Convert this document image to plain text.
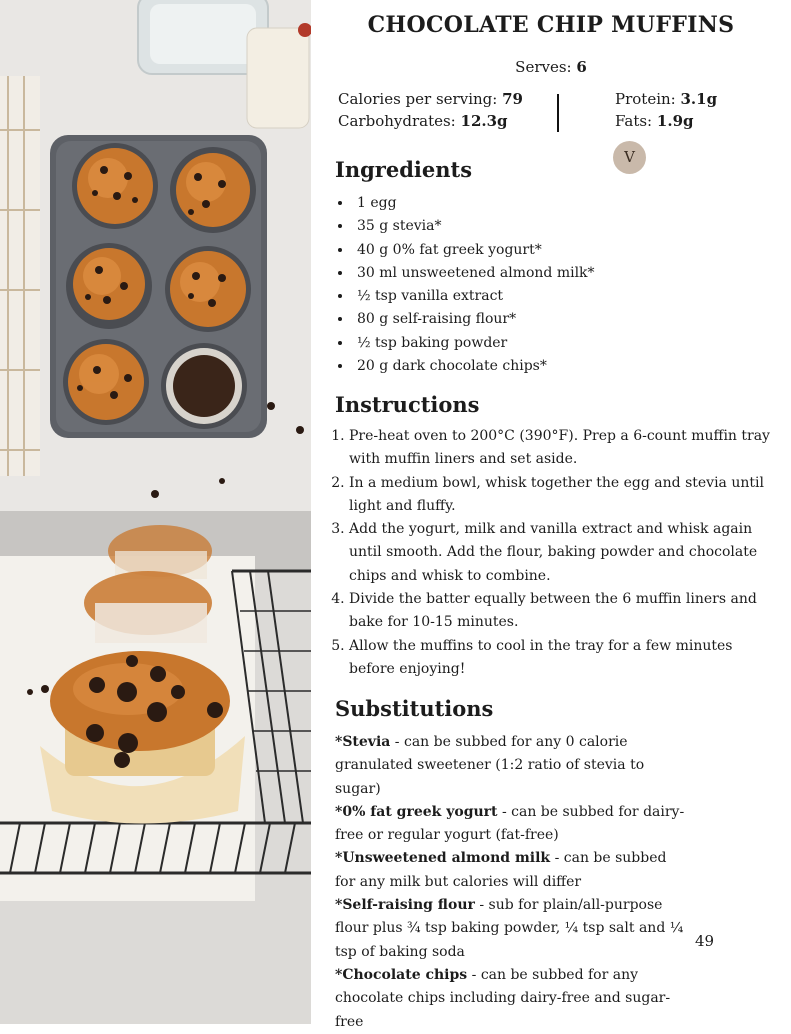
CHOCOLATE CHIP MUFFINS
Serves: 6
Calories per serving: 79
Carbohydrates: 12.3g
Protein: 3.1g
Fats: 1.9g
V
Ingredients
• 1 egg
• 35 g stevia*
• 40 g 0% fat greek yogurt*
• 30 ml unsweetened almond milk*
• ½ tsp vanilla extract
• 80 g self-raising flour*
• ½ tsp baking powder
• 20 g dark chocolate chips*
Instructions
1. Pre-heat oven to 200°C (390°F). Prep a 6-count muffin tray with muffin liners and set aside.
2. In a medium bowl, whisk together the egg and stevia until light and fluffy.
3. Add the yogurt, milk and vanilla extract and whisk again until smooth. Add the flour, baking powder and chocolate chips and whisk to combine.
4. Divide the batter equally between the 6 muffin liners and bake for 10-15 minutes.
5. Allow the muffins to cool in the tray for a few minutes before enjoying!
Substitutions

*Stevia - can be subbed for any 0 calorie granulated sweetener (1:2 ratio of stevia to sugar)

*0% fat greek yogurt - can be subbed for dairy-free or regular yogurt (fat-free)

*Unsweetened almond milk - can be subbed for any milk but calories will differ

*Self-raising flour - sub for plain/all-purpose flour plus ¾ tsp baking powder, ¼ tsp salt and ¼ tsp of baking soda

*Chocolate chips - can be subbed for any chocolate chips including dairy-free and sugar-free

49
